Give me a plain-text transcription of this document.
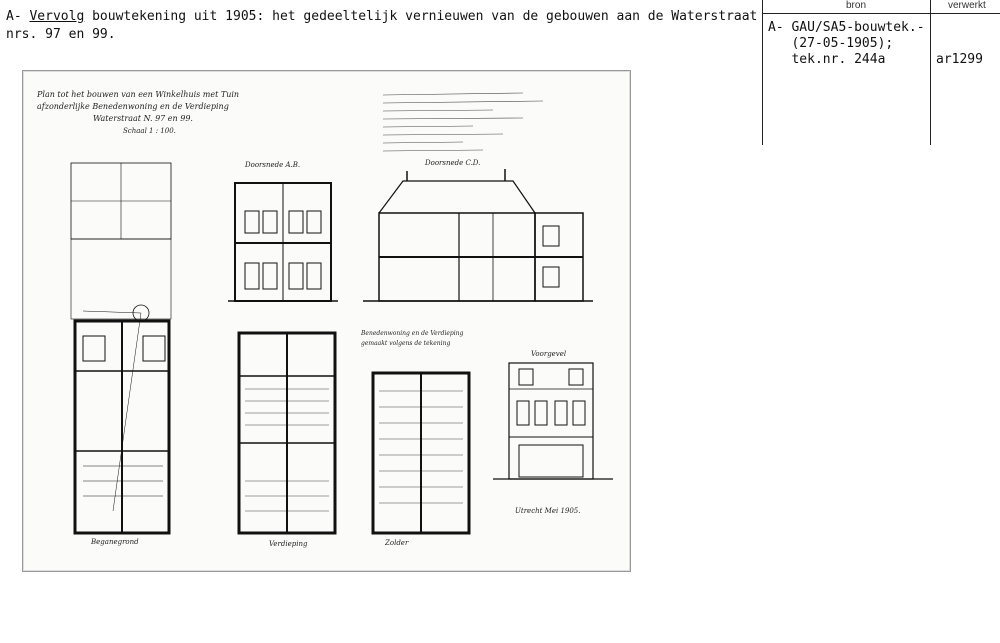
A- Vervolg bouwtekening uit 1905: het gedeeltelijk vernieuwen van de gebouwen aan de Waterstraat
nrs. 97 en 99.
bron	verwerkt
A- GAU/SA5-bouwtek.-
(27-05-1905);
tek.nr. 244a	ar1299
Plan tot het bouwen van een Winkelhuis met Tuin
afzonderlijke Benedenwoning en de Verdieping
Waterstraat N. 97 en 99.
Schaal 1 : 100.
Beganegrond
Doorsnede A.B.	Doorsnede C.D.
Verdieping	Zolder
Benedenwoning en de Verdieping
gemaakt volgens de tekening
Voorgevel
Utrecht Mei 1905.
